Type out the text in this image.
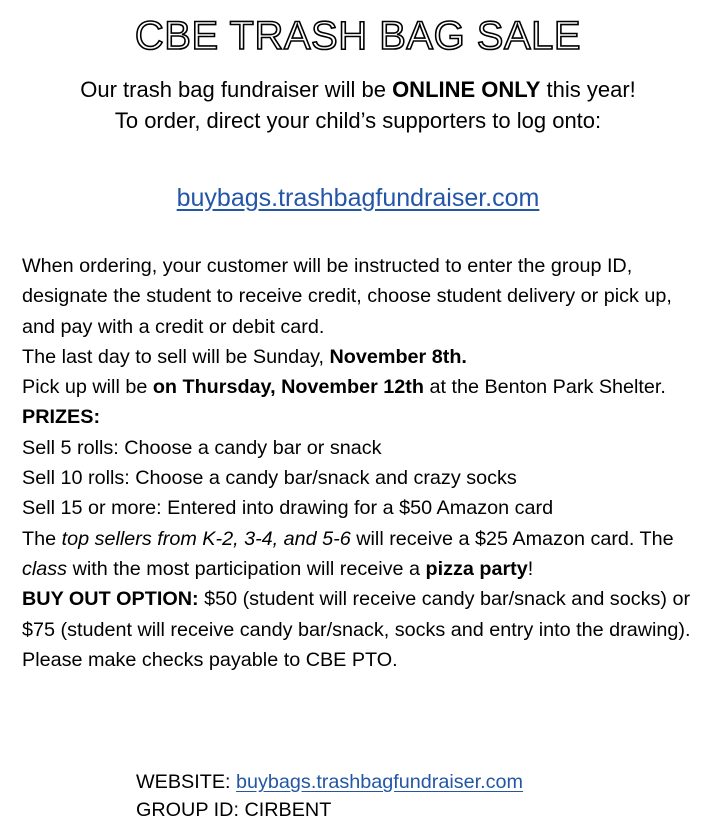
CBE TRASH BAG SALE
Our trash bag fundraiser will be ONLINE ONLY this year!
To order, direct your child’s supporters to log onto:
buybags.trashbagfundraiser.com

When ordering, your customer will be instructed to enter the group ID, designate the student to receive credit, choose student delivery or pick up, and pay with a credit or debit card.

The last day to sell will be Sunday, November 8th.

Pick up will be on Thursday, November 12th at the Benton Park Shelter.

PRIZES:

Sell 5 rolls: Choose a candy bar or snack

Sell 10 rolls: Choose a candy bar/snack and crazy socks

Sell 15 or more: Entered into drawing for a $50 Amazon card

The top sellers from K-2, 3-4, and 5-6 will receive a $25 Amazon card. The class with the most participation will receive a pizza party!

BUY OUT OPTION: $50 (student will receive candy bar/snack and socks) or $75 (student will receive candy bar/snack, socks and entry into the drawing). Please make checks payable to CBE PTO.

WEBSITE: buybags.trashbagfundraiser.com

GROUP ID: CIRBENT
